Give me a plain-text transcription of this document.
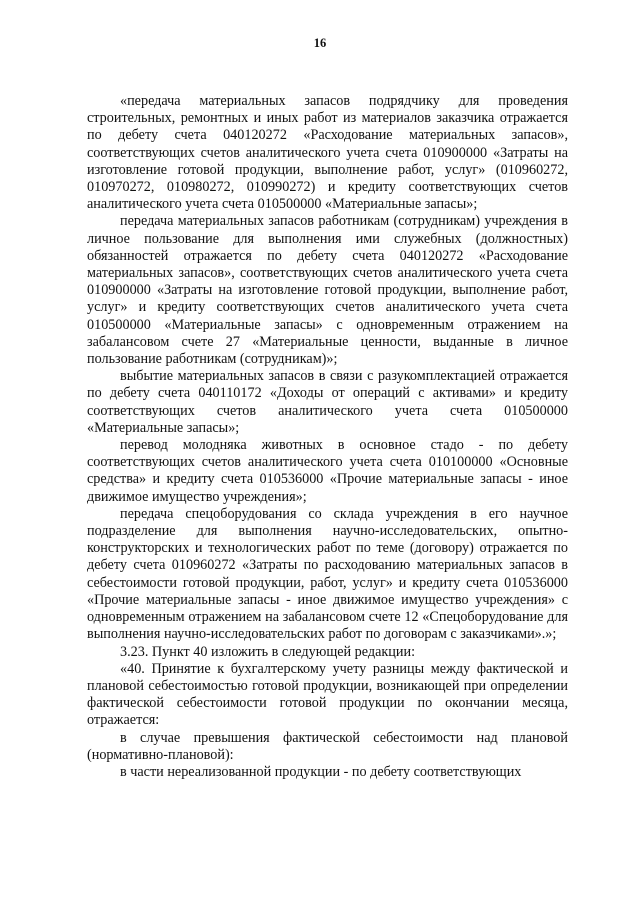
16

«передача материальных запасов подрядчику для проведения строительных, ремонтных и иных работ из материалов заказчика отражается по дебету счета 040120272 «Расходование материальных запасов», соответствующих счетов аналитического учета счета 010900000 «Затраты на изготовление готовой продукции, выполнение работ, услуг» (010960272, 010970272, 010980272, 010990272) и кредиту соответствующих счетов аналитического учета счета 010500000 «Материальные запасы»;

передача материальных запасов работникам (сотрудникам) учреждения в личное пользование для выполнения ими служебных (должностных) обязанностей отражается по дебету счета 040120272 «Расходование материальных запасов», соответствующих счетов аналитического учета счета 010900000 «Затраты на изготовление готовой продукции, выполнение работ, услуг» и кредиту соответствующих счетов аналитического учета счета 010500000 «Материальные запасы» с одновременным отражением на забалансовом счете 27 «Материальные ценности, выданные в личное пользование работникам (сотрудникам)»;

выбытие материальных запасов в связи с разукомплектацией отражается по дебету счета 040110172 «Доходы от операций с активами» и кредиту соответствующих счетов аналитического учета счета 010500000 «Материальные запасы»;

перевод молодняка животных в основное стадо - по дебету соответствующих счетов аналитического учета счета 010100000 «Основные средства» и кредиту счета 010536000 «Прочие материальные запасы - иное движимое имущество учреждения»;

передача спецоборудования со склада учреждения в его научное подразделение для выполнения научно-исследовательских, опытно-конструкторских и технологических работ по теме (договору) отражается по дебету счета 010960272 «Затраты по расходованию материальных запасов в себестоимости готовой продукции, работ, услуг» и кредиту счета 010536000 «Прочие материальные запасы - иное движимое имущество учреждения» с одновременным отражением на забалансовом счете 12 «Спецоборудование для выполнения научно-исследовательских работ по договорам с заказчиками».»;

3.23. Пункт 40 изложить в следующей редакции:

«40. Принятие к бухгалтерскому учету разницы между фактической и плановой себестоимостью готовой продукции, возникающей при определении фактической себестоимости готовой продукции по окончании месяца, отражается:

в случае превышения фактической себестоимости над плановой (нормативно-плановой):

в части нереализованной продукции - по дебету соответствующих
